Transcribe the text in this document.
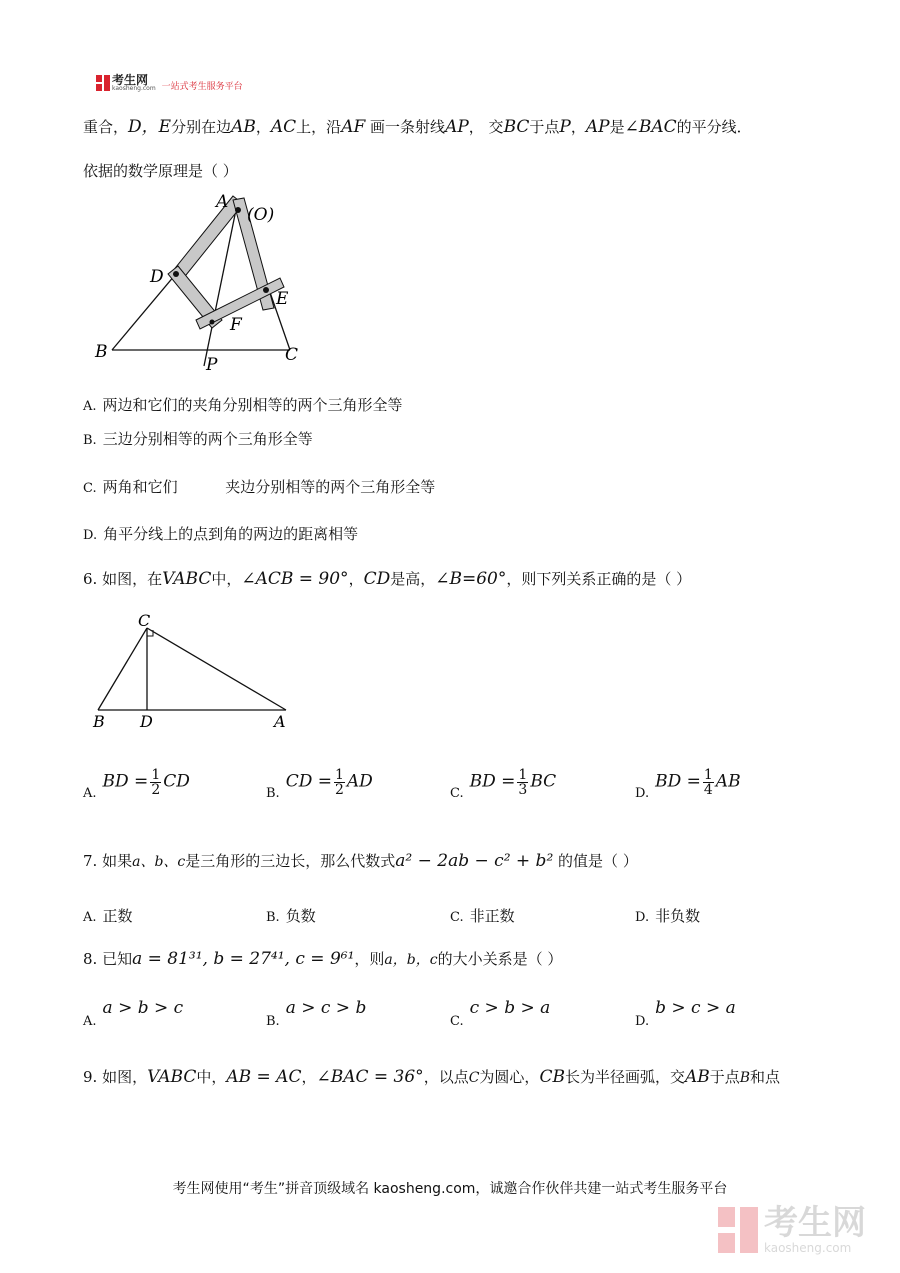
考生网
kaosheng.com 一站式考生服务平台
重合，D，E分别在边AB，AC上，沿AF 画一条射线AP， 交BC于点P，AP是∠BAC的平分线．
依据的数学原理是（ ）
A
(O)
D
E
F
B
P	C
A. 两边和它们的夹角分别相等的两个三角形全等
B. 三边分别相等的两个三角形全等
C. 两角和它们          夹边分别相等的两个三角形全等
D. 角平分线上的点到角的两边的距离相等
6. 如图，在VABC中，∠ACB = 90°，CD是高，∠B=60°，则下列关系正确的是（ ）
C
B D	A
$A.BD = \frac{1}{2}$ CD
$B.CD = \frac{1}{2}$ AD
$C.BD = \frac{1}{3}$ BC
$D.BD = \frac{1}{4}$ AB
7. 如果a、b、c是三角形的三边长，那么代数式a² − 2ab − c² + b² 的值是（ ）
A. 正数	B. 负数	C. 非正数	D. 非负数
8. 已知a = 81³¹, b = 27⁴¹, c = 9⁶¹，则a，b，c的大小关系是（ ）
A.a > b > c
B.a > c > b
C.c > b > a
D.b > c > a
9. 如图，VABC中，AB = AC，∠BAC = 36°，以点C为圆心，CB长为半径画弧，交AB于点B和点
考生网使用“考生”拼音顶级域名 kaosheng.com，诚邀合作伙伴共建一站式考生服务平台
考生网
kaosheng.com
